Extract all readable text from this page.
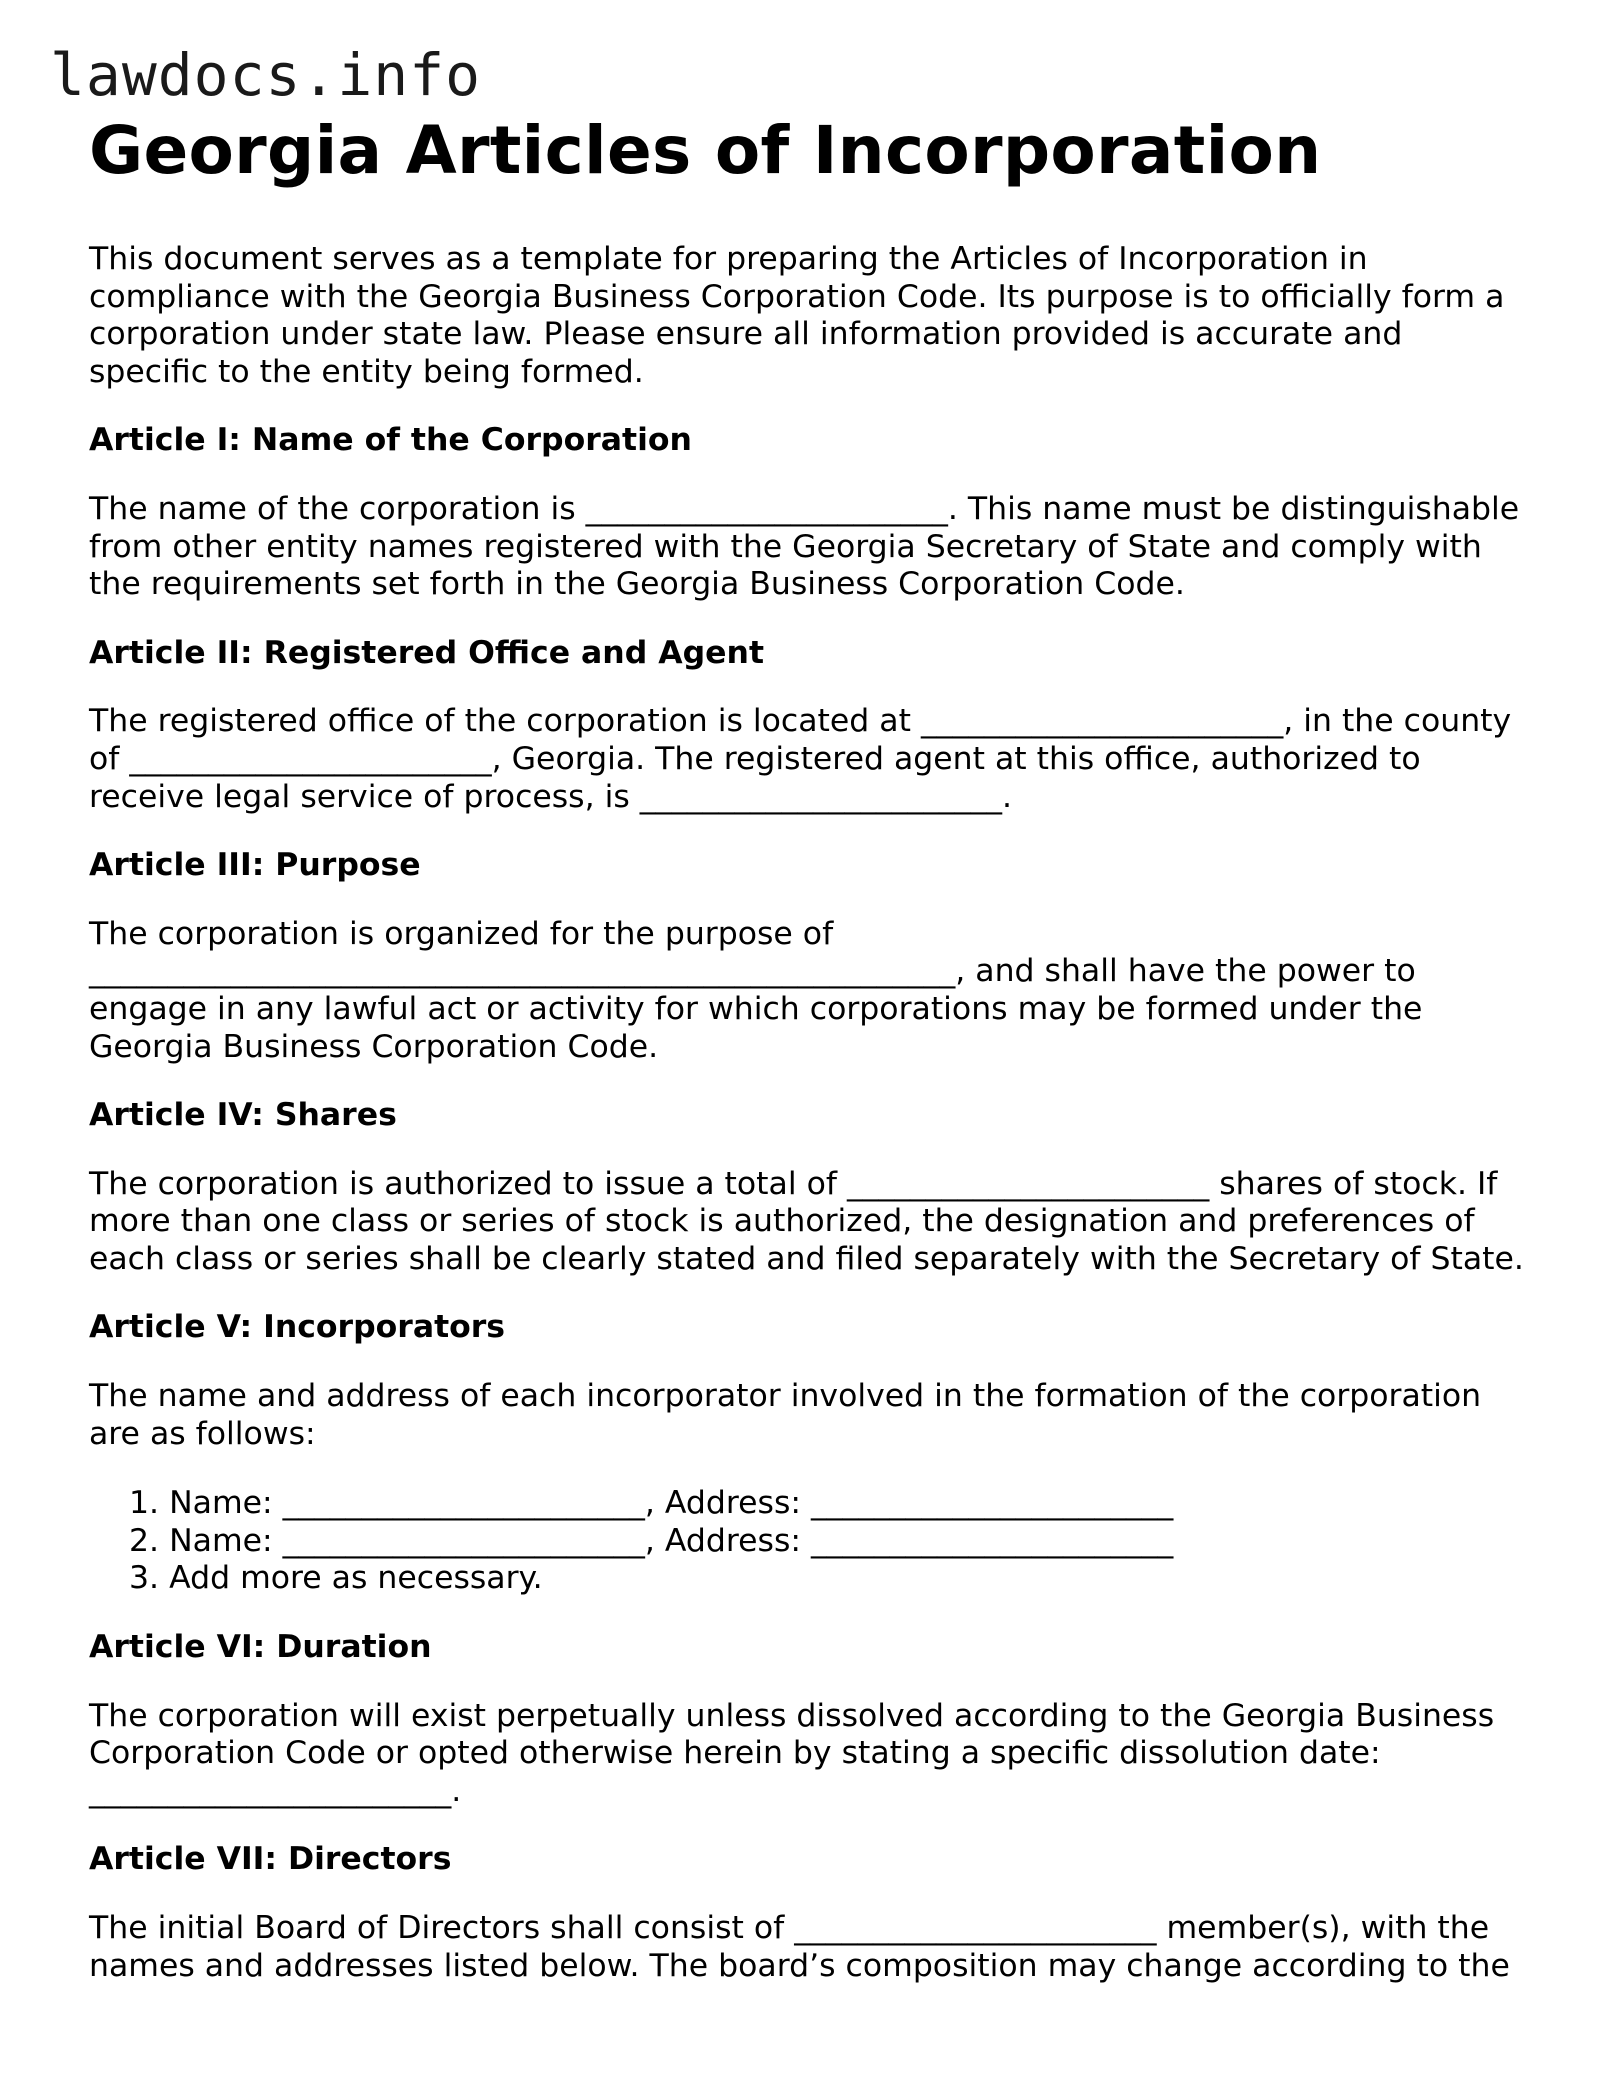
lawdocs.info
Georgia Articles of Incorporation

This document serves as a template for preparing the Articles of Incorporation in compliance with the Georgia Business Corporation Code. Its purpose is to officially form a corporation under state law. Please ensure all information provided is accurate and specific to the entity being formed.

Article I: Name of the Corporation

The name of the corporation is _______________________. This name must be distinguishable from other entity names registered with the Georgia Secretary of State and comply with the requirements set forth in the Georgia Business Corporation Code.

Article II: Registered Office and Agent

The registered office of the corporation is located at _______________________, in the county of _______________________, Georgia. The registered agent at this office, authorized to receive legal service of process, is _______________________.

Article III: Purpose

The corporation is organized for the purpose of _______________________________________________________, and shall have the power to engage in any lawful act or activity for which corporations may be formed under the Georgia Business Corporation Code.

Article IV: Shares

The corporation is authorized to issue a total of _______________________ shares of stock. If more than one class or series of stock is authorized, the designation and preferences of each class or series shall be clearly stated and filed separately with the Secretary of State.

Article V: Incorporators

The name and address of each incorporator involved in the formation of the corporation are as follows:

1. Name: _______________________, Address: _______________________
2. Name: _______________________, Address: _______________________
3. Add more as necessary.
Article VI: Duration

The corporation will exist perpetually unless dissolved according to the Georgia Business Corporation Code or opted otherwise herein by stating a specific dissolution date: _______________________.

Article VII: Directors

The initial Board of Directors shall consist of _______________________ member(s), with the names and addresses listed below. The board’s composition may change according to the
